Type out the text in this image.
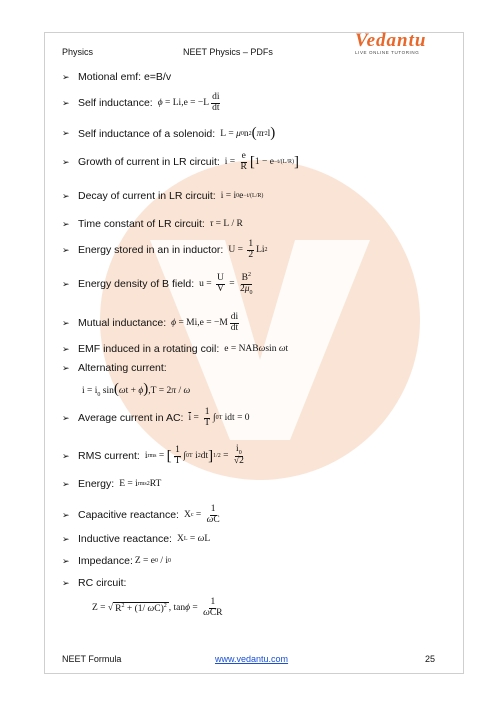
Physics	NEET Physics – PDFs
Vedantu
LIVE ONLINE TUTORING
➢ Motional emf: e=B/v
➢ Self inductance: $\phi = Li,e = -L \frac{di}{dt}$
➢ Self inductance of a solenoid: L = μ 0 n 2 ( π r 2 l )
➢ Growth of current in LR circuit: $i = \frac{e}{R}$ [ 1 − e −t/(L/R) ]
➢ Decay of current in LR circuit: i = i 0 e −t/(L/R)
➢ Time constant of LR circuit: τ = L / R
➢ Energy stored in an in inductor: $U = \frac{1}{2}$ Li 2
➢ Energy density of B field: $u = \frac{U}{V} = \frac{B^2}{2\mu_0}$
➢ Mutual inductance: $\phi = Mi,e = -M \frac{di}{dt}$
➢ EMF induced in a rotating coil: e = NAB ω sin ω t
➢ Alternating current:
$i = i_0$ sin(ωt + ϕ),T = 2π / ω
➢ Average current in AC: $\overline{i} = \frac{1}{T}$ ∫ 0 T idt = 0
➢ RMS current: i rms = [ $\frac{1}{T}$ ∫ 0 T i 2 dt ] $1/2 = \frac{i_0}{√2}$
➢ Energy: E = i rms 2 RT
➢ Capacitive reactance: X $c = \frac{1}{\omega C}$
➢ Inductive reactance: X L = ω L
➢ Impedance: Z = e 0 / i 0
➢ RC circuit:
Z = √ $R^2 + (1/$ ωC)$^2$ , $\tan \phi = \frac{1}{\text{ωCR}}$
NEET Formula	www.vedantu.com	25
